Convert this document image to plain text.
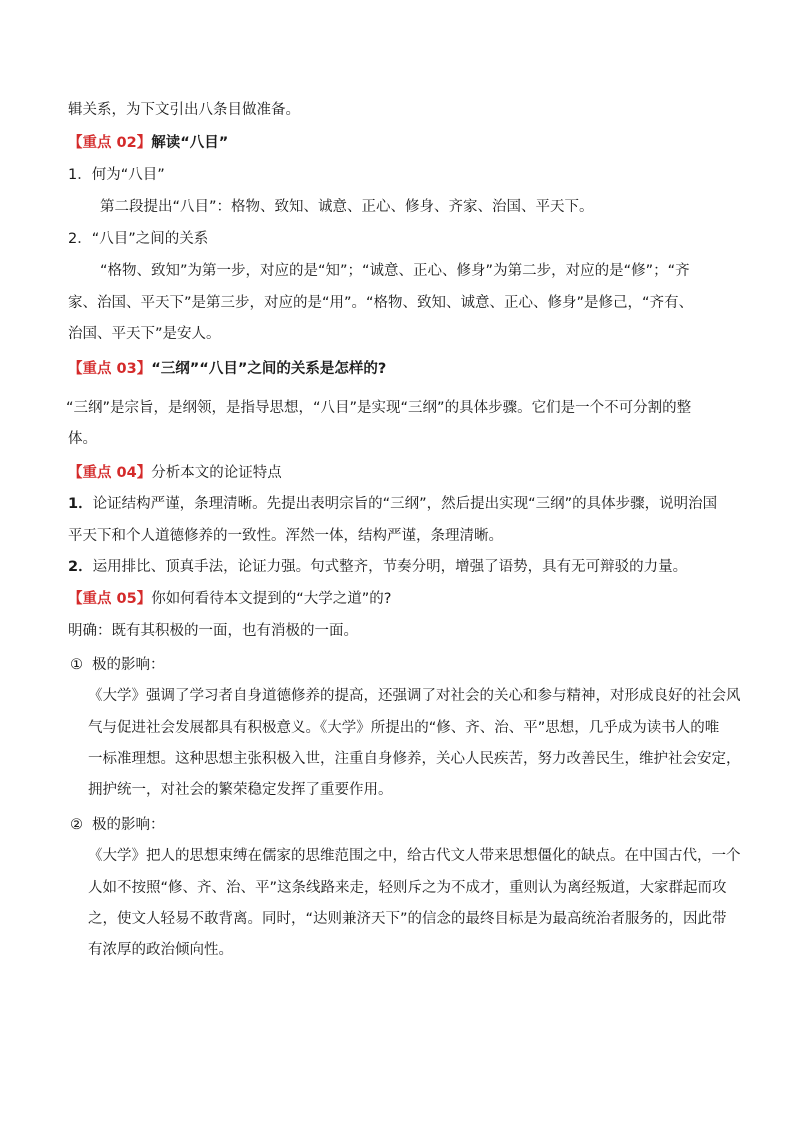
辑关系，为下文引出八条目做准备。
【重点 02】解读“八目”
1．何为“八目”
第二段提出“八目”：格物、致知、诚意、正心、修身、齐家、治国、平天下。
2．“八目”之间的关系
“格物、致知”为第一步，对应的是“知”；“诚意、正心、修身”为第二步，对应的是“修”；“齐
家、治国、平天下”是第三步，对应的是“用”。“格物、致知、诚意、正心、修身”是修己，“齐有、
治国、平天下”是安人。
【重点 03】“三纲”“八目”之间的关系是怎样的?
“三纲”是宗旨，是纲领，是指导思想，“八目”是实现“三纲”的具体步骤。它们是一个不可分割的整
体。
【重点 04】分析本文的论证特点
1．论证结构严谨，条理清晰。先提出表明宗旨的“三纲”，然后提出实现“三纲”的具体步骤，说明治国
平天下和个人道德修养的一致性。浑然一体，结构严谨，条理清晰。
2．运用排比、顶真手法，论证力强。句式整齐，节奏分明，增强了语势，具有无可辩驳的力量。
【重点 05】你如何看待本文提到的“大学之道”的?
明确：既有其积极的一面，也有消极的一面。
① 极的影响：
《大学》强调了学习者自身道德修养的提高，还强调了对社会的关心和参与精神，对形成良好的社会风
气与促进社会发展都具有积极意义。《大学》所提出的“修、齐、治、平”思想，几乎成为读书人的唯
一标准理想。这种思想主张积极入世，注重自身修养，关心人民疾苦，努力改善民生，维护社会安定，
拥护统一，对社会的繁荣稳定发挥了重要作用。
② 极的影响：
《大学》把人的思想束缚在儒家的思维范围之中，给古代文人带来思想僵化的缺点。在中国古代，一个
人如不按照“修、齐、治、平”这条线路来走，轻则斥之为不成才，重则认为离经叛道，大家群起而攻
之，使文人轻易不敢背离。同时，“达则兼济天下”的信念的最终目标是为最高统治者服务的，因此带
有浓厚的政治倾向性。
